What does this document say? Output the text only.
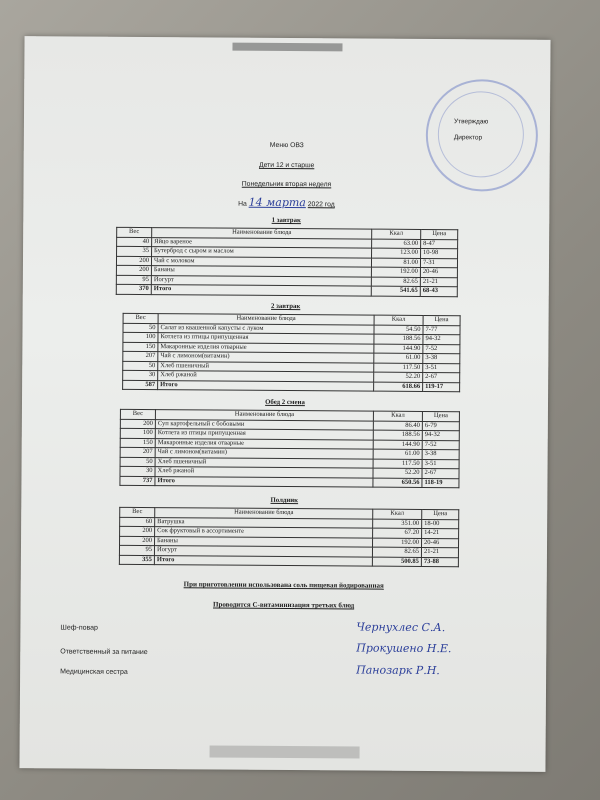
Утверждаю
Директор
Меню ОВЗ
Дети 12 и старше
Понедельник вторая неделя
На 14 марта 2022 год
1 завтрак
Вес	Наименование блюда	Ккал	Цена
40	Яйцо вареное	63.00	8-47
35	Бутерброд с сыром и маслом	123.00	10-98
200	Чай с молоком	81.00	7-31
200	Бананы	192.00	20-46
95	Йогурт	82.65	21-21
370	Итого	541.65	68-43
2 завтрак
Вес	Наименование блюда	Ккал	Цена
50	Салат из квашенной капусты с луком	54.50	7-77
100	Котлета из птицы припущенная	188.56	94-32
150	Макаронные изделия отварные	144.90	7-52
207	Чай с лимоном(витамин)	61.00	3-38
50	Хлеб пшеничный	117.50	3-51
30	Хлеб ржаной	52.20	2-67
587	Итого	618.66	119-17
Обед 2 смена
Вес	Наименование блюда	Ккал	Цена
200	Суп картофельный с бобовыми	86.40	6-79
100	Котлета из птицы припущенная	188.56	94-32
150	Макаронные изделия отварные	144.90	7-52
207	Чай с лимоном(витамин)	61.00	3-38
50	Хлеб пшеничный	117.50	3-51
30	Хлеб ржаной	52.20	2-67
737	Итого	650.56	118-19
Полдник
Вес	Наименование блюда	Ккал	Цена
60	Ватрушка	351.00	18-00
200	Сок фруктовый в ассортименте	67.20	14-21
200	Бананы	192.00	20-46
95	Йогурт	82.65	21-21
355	Итого	500.85	73-88
При приготовлении использована соль пищевая йодированная
Проводится С-витаминизация третьих блюд
Шеф-повар
Ответственный за питание
Медицинская сестра
Чернухлес С.А.
Прокушено Н.Е.
Панозарк Р.Н.
